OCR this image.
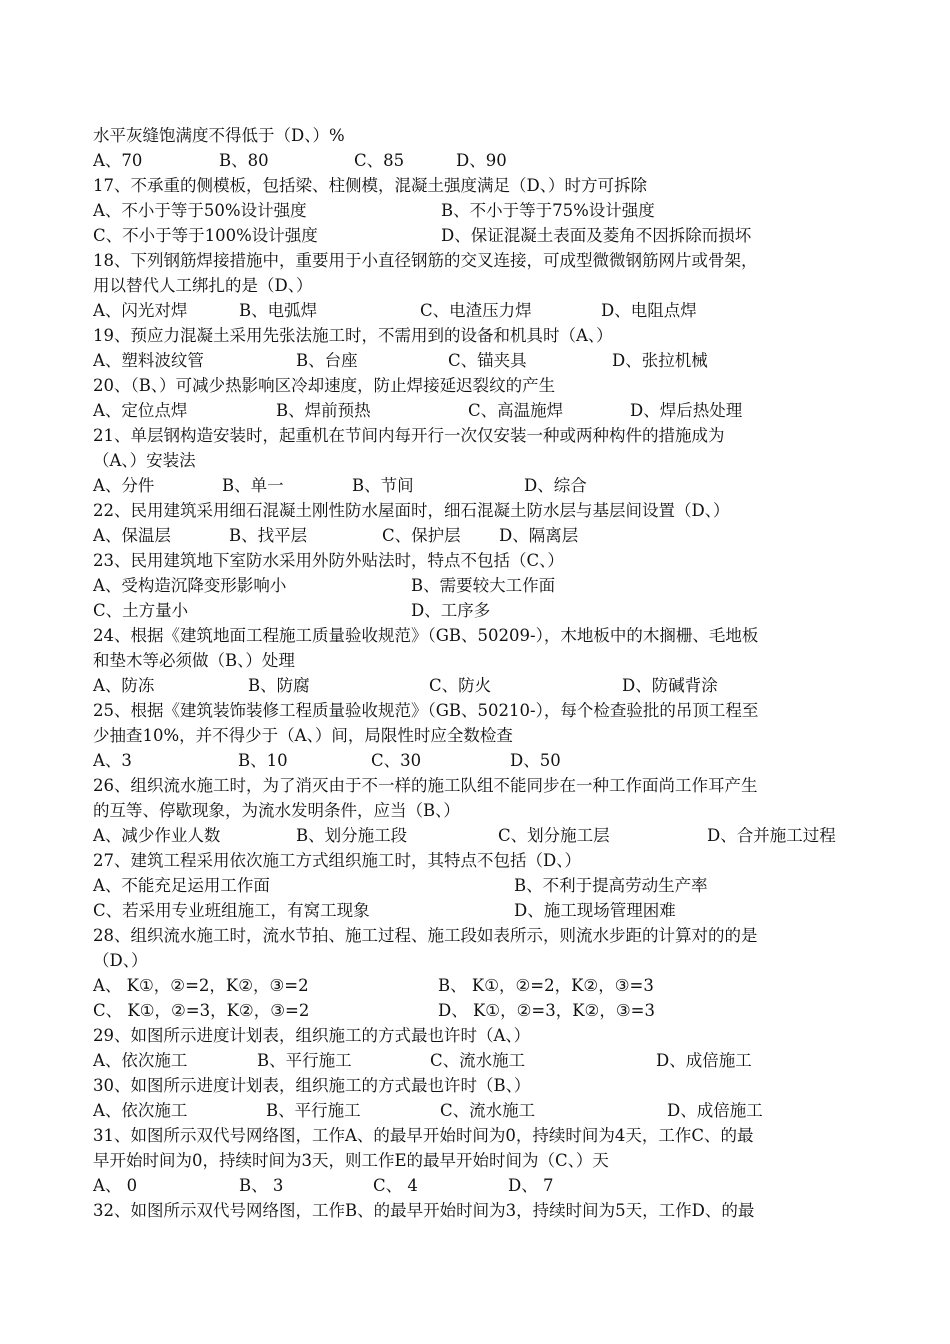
水平灰缝饱满度不得低于（D、）%
A、70	B、80	C、85	D、90
17、不承重的侧模板，包括梁、柱侧模，混凝土强度满足（D、）时方可拆除
A、不小于等于50%设计强度	B、不小于等于75%设计强度
C、不小于等于100%设计强度	D、保证混凝土表面及菱角不因拆除而损坏
18、下列钢筋焊接措施中，重要用于小直径钢筋的交叉连接，可成型微微钢筋网片或骨架，
用以替代人工绑扎的是（D、）
A、闪光对焊	B、电弧焊	C、电渣压力焊	D、电阻点焊
19、预应力混凝土采用先张法施工时，不需用到的设备和机具时（A、）
A、塑料波纹管	B、台座	C、锚夹具	D、张拉机械
20、（B、）可减少热影响区冷却速度，防止焊接延迟裂纹的产生
A、定位点焊	B、焊前预热	C、高温施焊	D、焊后热处理
21、单层钢构造安装时，起重机在节间内每开行一次仅安装一种或两种构件的措施成为
（A、）安装法
A、分件	B、单一	B、节间	D、综合
22、民用建筑采用细石混凝土刚性防水屋面时，细石混凝土防水层与基层间设置（D、）
A、保温层	B、找平层	C、保护层 D、隔离层
23、民用建筑地下室防水采用外防外贴法时，特点不包括（C、）
A、受构造沉降变形影响小	B、需要较大工作面
C、土方量小	D、工序多
24、根据《建筑地面工程施工质量验收规范》（GB、50209-），木地板中的木搁栅、毛地板
和垫木等必须做（B、）处理
A、防冻	B、防腐	C、防火	D、防碱背涂
25、根据《建筑装饰装修工程质量验收规范》（GB、50210-），每个检查验批的吊顶工程至
少抽查10%，并不得少于（A、）间，局限性时应全数检查
A、3	B、10	C、30	D、50
26、组织流水施工时，为了消灭由于不一样的施工队组不能同步在一种工作面尚工作耳产生
的互等、停歇现象，为流水发明条件，应当（B、）
A、减少作业人数	B、划分施工段	C、划分施工层	D、合并施工过程
27、建筑工程采用依次施工方式组织施工时，其特点不包括（D、）
A、不能充足运用工作面	B、不利于提高劳动生产率
C、若采用专业班组施工，有窝工现象	D、施工现场管理困难
28、组织流水施工时，流水节拍、施工过程、施工段如表所示，则流水步距的计算对的的是
（D、）
A、 K①，②=2，K②，③=2	B、 K①，②=2，K②，③=3
C、 K①，②=3，K②，③=2	D、 K①，②=3，K②，③=3
29、如图所示进度计划表，组织施工的方式最也许时（A、）
A、依次施工	B、平行施工	C、流水施工	D、成倍施工
30、如图所示进度计划表，组织施工的方式最也许时（B、）
A、依次施工	B、平行施工	C、流水施工	D、成倍施工
31、如图所示双代号网络图，工作A、的最早开始时间为0，持续时间为4天，工作C、的最
早开始时间为0，持续时间为3天，则工作E的最早开始时间为（C、）天
A、 0	B、 3	C、 4	D、 7
32、如图所示双代号网络图，工作B、的最早开始时间为3，持续时间为5天，工作D、的最
